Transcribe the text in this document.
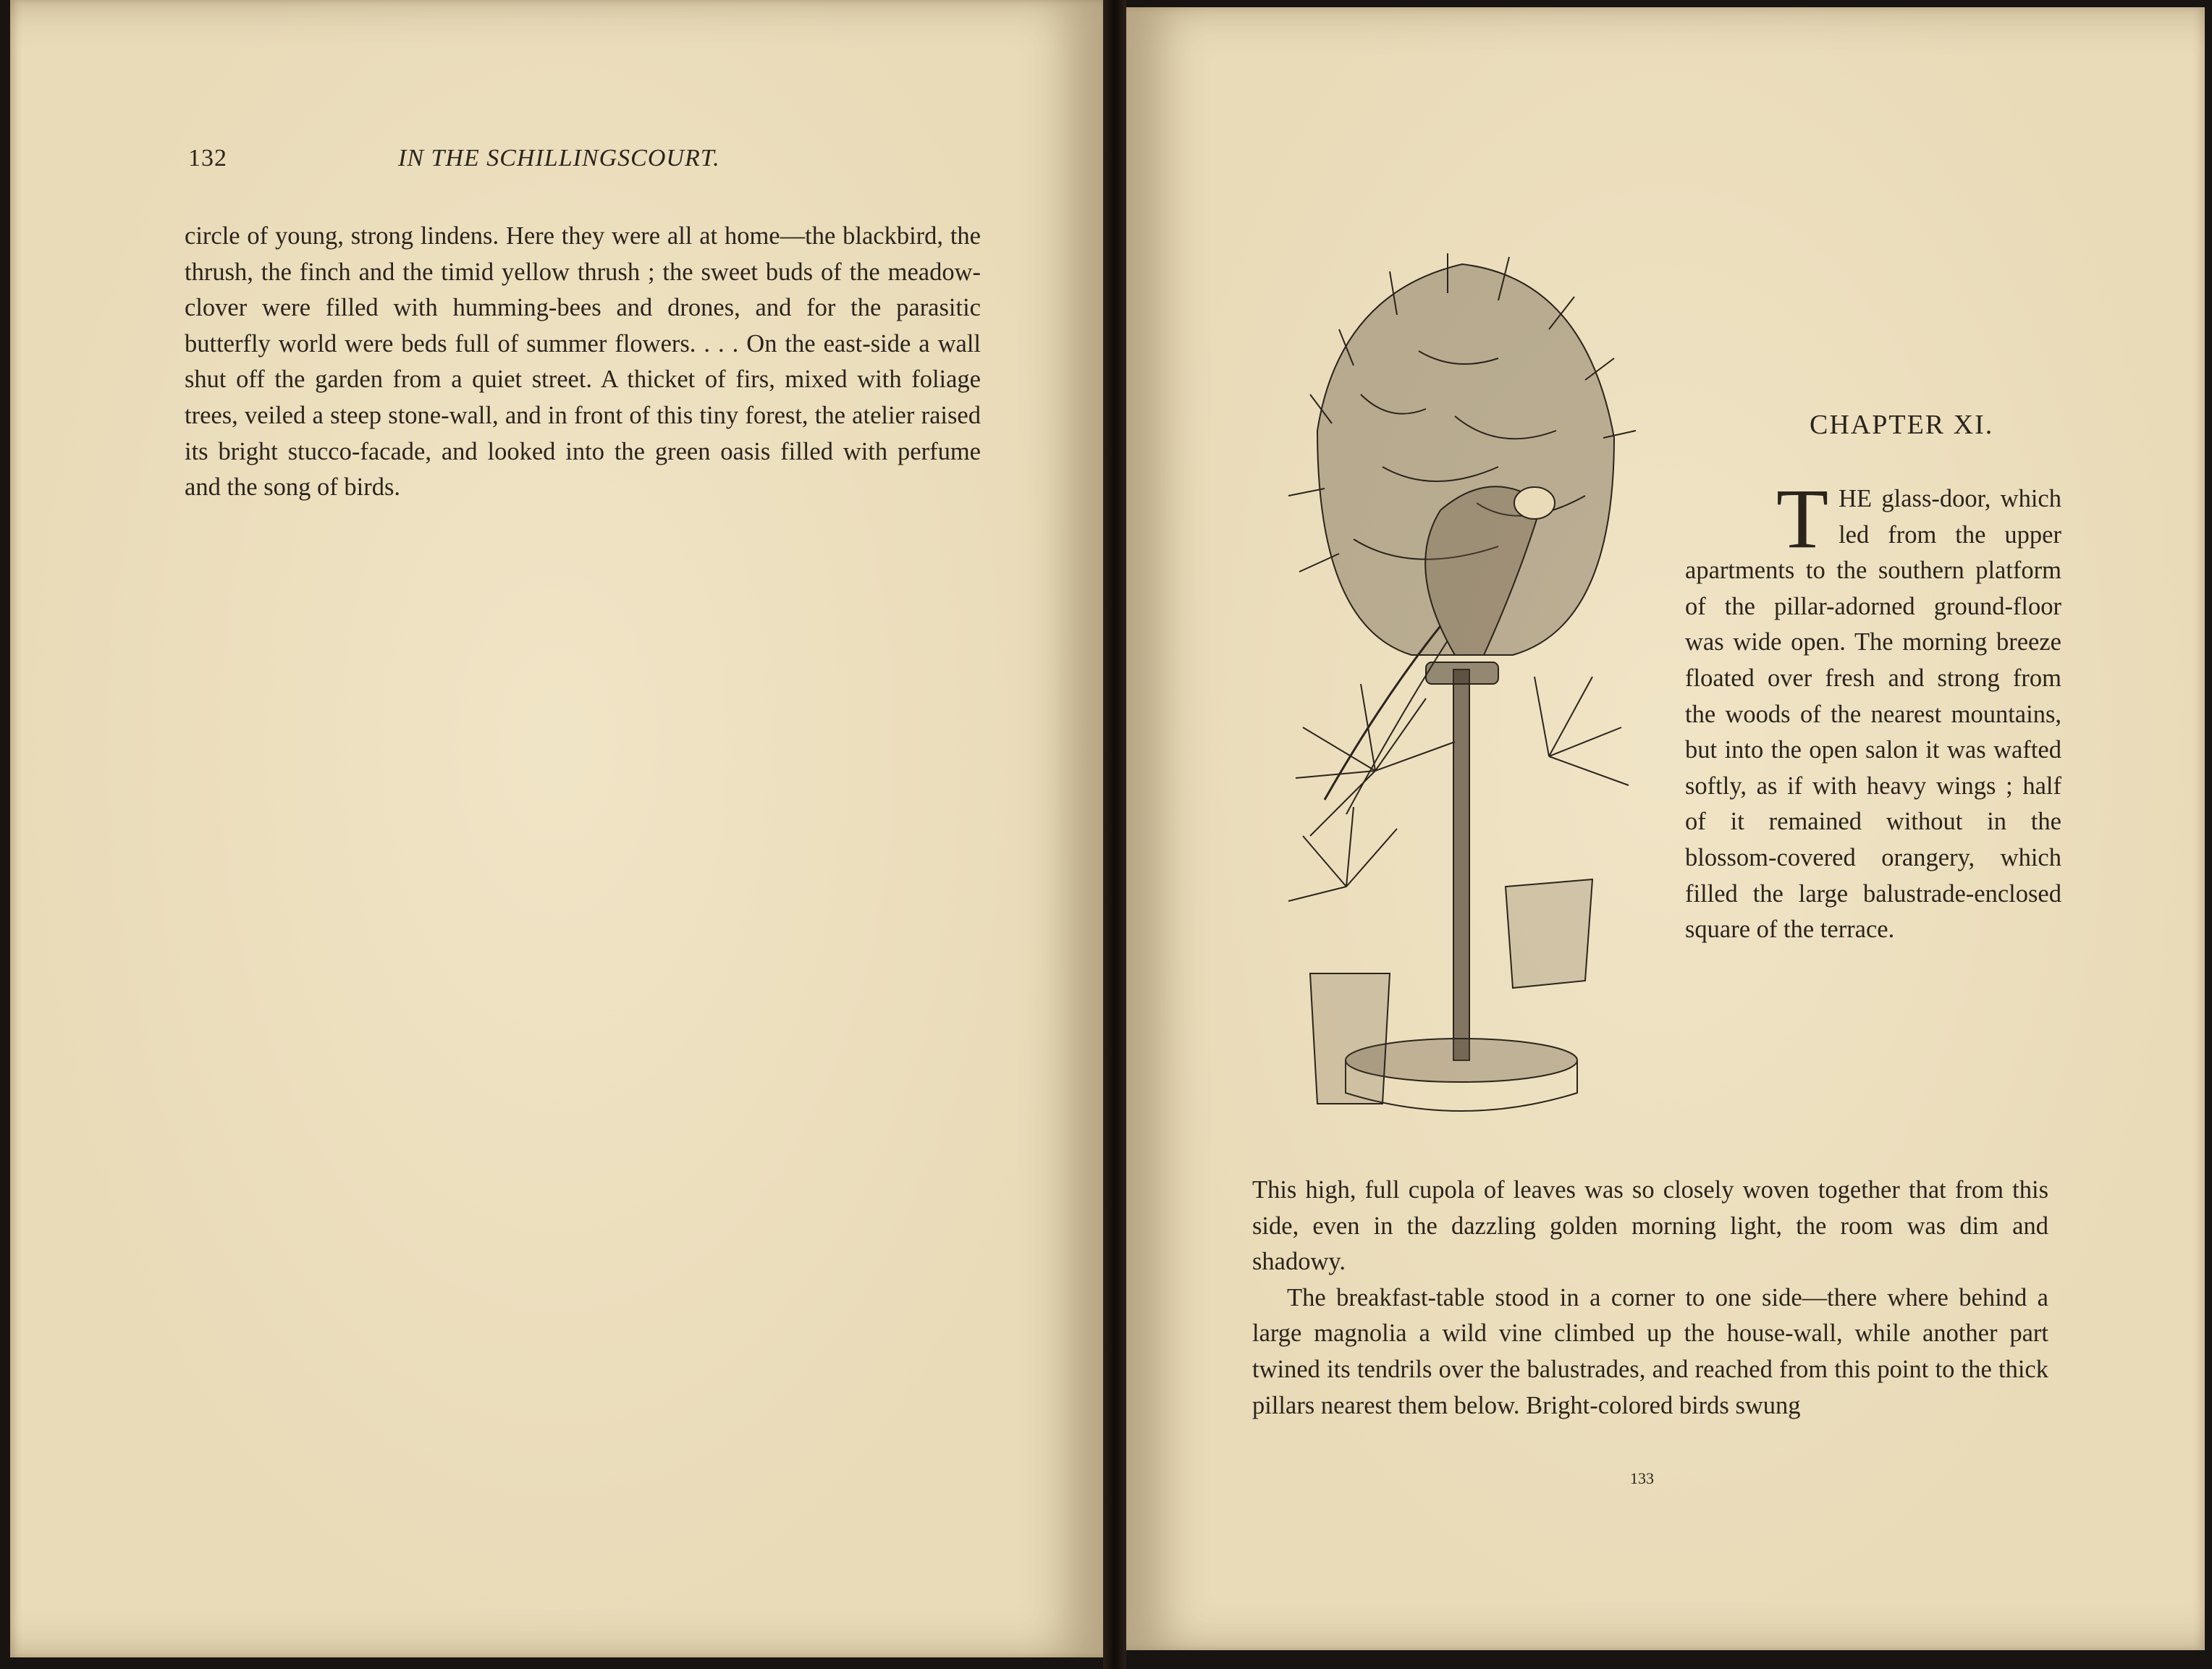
132	IN THE SCHILLINGSCOURT.

circle of young, strong lindens. Here they were all at home—the blackbird, the thrush, the finch and the timid yellow thrush ; the sweet buds of the meadow-clover were filled with humming-bees and drones, and for the parasitic butterfly world were beds full of summer flowers. . . . On the east-side a wall shut off the garden from a quiet street. A thicket of firs, mixed with foliage trees, veiled a steep stone-wall, and in front of this tiny forest, the atelier raised its bright stucco-facade, and looked into the green oasis filled with perfume and the song of birds.

CHAPTER XI.
T HE glass-door, which led from the upper apartments to the southern platform of the pillar-adorned ground-floor was wide open. The morning breeze floated over fresh and strong from the woods of the nearest mountains, but into the open salon it was wafted softly, as if with heavy wings ; half of it remained without in the blossom-covered orangery, which filled the large balustrade-enclosed square of the terrace.

This high, full cupola of leaves was so closely woven together that from this side, even in the dazzling golden morning light, the room was dim and shadowy.

The breakfast-table stood in a corner to one side—there where behind a large magnolia a wild vine climbed up the house-wall, while another part twined its tendrils over the balustrades, and reached from this point to the thick pillars nearest them below. Bright-colored birds swung

133
